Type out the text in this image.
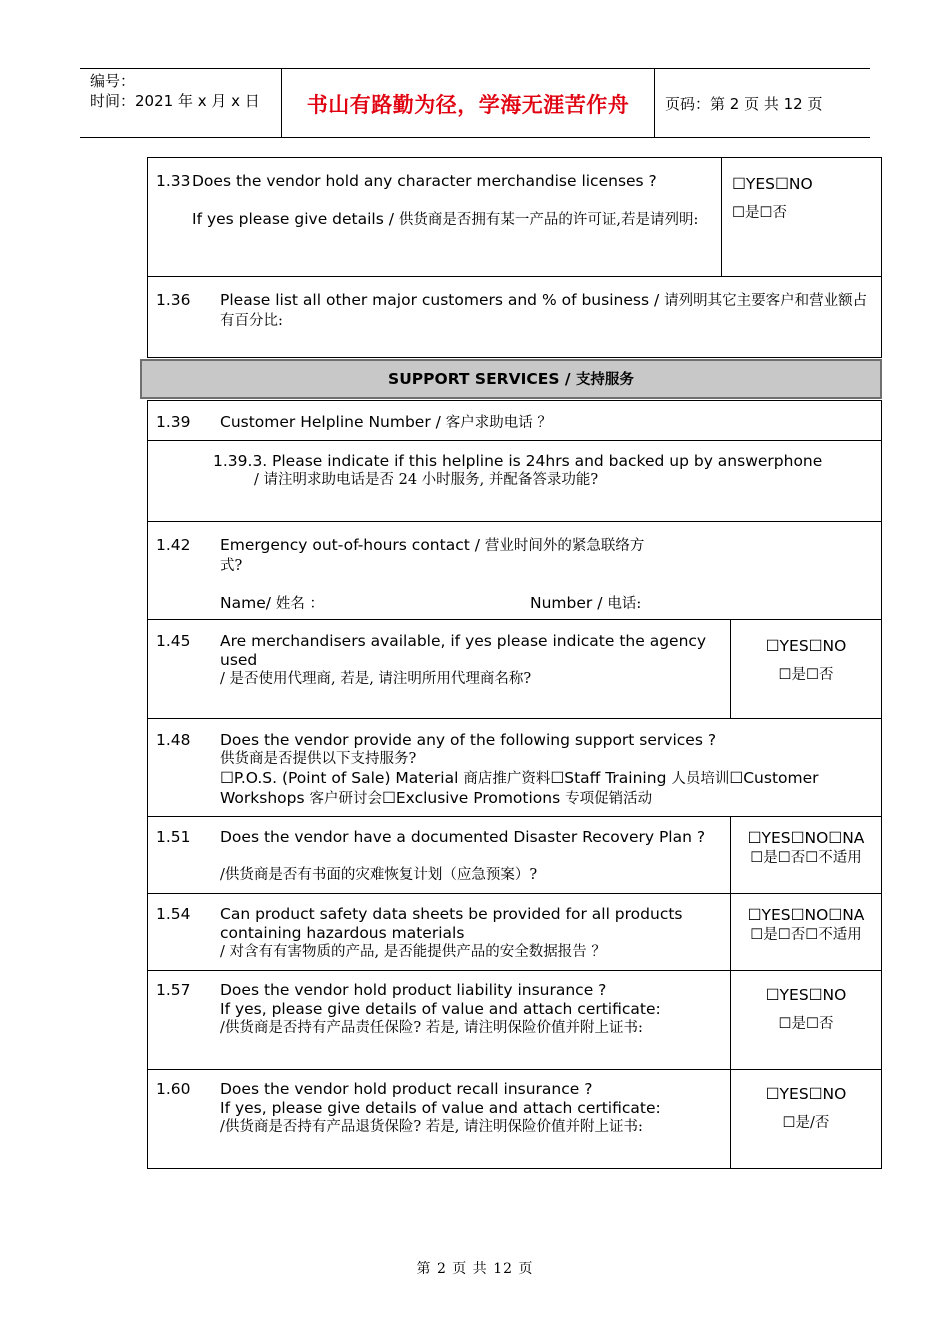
编号：
时间：2021 年 x 月 x 日	书山有路勤为径，学海无涯苦作舟	页码：第 2 页 共 12 页
1.33 Does the vendor hold any character merchandise licenses ?
If yes please give details / 供货商是否拥有某一产品的许可证,若是请列明:
☐YES☐NO
☐是☐否
1.36 Please list all other major customers and % of business / 请列明其它主要客户和营业额占有百分比:
SUPPORT SERVICES / 支持服务
1.39 Customer Helpline Number / 客户求助电话 ？
1.39.3. Please indicate if this helpline is 24hrs and backed up by answerphone
/ 请注明求助电话是否 24 小时服务, 并配备答录功能?
1.42 Emergency out-of-hours contact / 营业时间外的紧急联络方式?
Name/ 姓名 ：	Number / 电话:
1.45 Are merchandisers available, if yes please indicate the agency used
/ 是否使用代理商, 若是, 请注明所用代理商名称?
☐YES☐NO
☐是☐否
1.48 Does the vendor provide any of the following support services ?
供货商是否提供以下支持服务?
☐P.O.S. (Point of Sale) Material 商店推广资料☐Staff Training 人员培训☐Customer Workshops 客户研讨会☐Exclusive Promotions 专项促销活动
1.51 Does the vendor have a documented Disaster Recovery Plan ?
/供货商是否有书面的灾难恢复计划（应急预案）?
☐YES☐NO☐NA
☐是☐否☐不适用
1.54 Can product safety data sheets be provided for all products containing hazardous materials
/ 对含有有害物质的产品, 是否能提供产品的安全数据报告 ？
☐YES☐NO☐NA
☐是☐否☐不适用
1.57 Does the vendor hold product liability insurance ?
If yes, please give details of value and attach certificate:
/供货商是否持有产品责任保险? 若是, 请注明保险价值并附上证书:
☐YES☐NO
☐是☐否
1.60 Does the vendor hold product recall insurance ?
If yes, please give details of value and attach certificate:
/供货商是否持有产品退货保险? 若是, 请注明保险价值并附上证书:
☐YES☐NO
☐是/否
第 2 页 共 12 页
